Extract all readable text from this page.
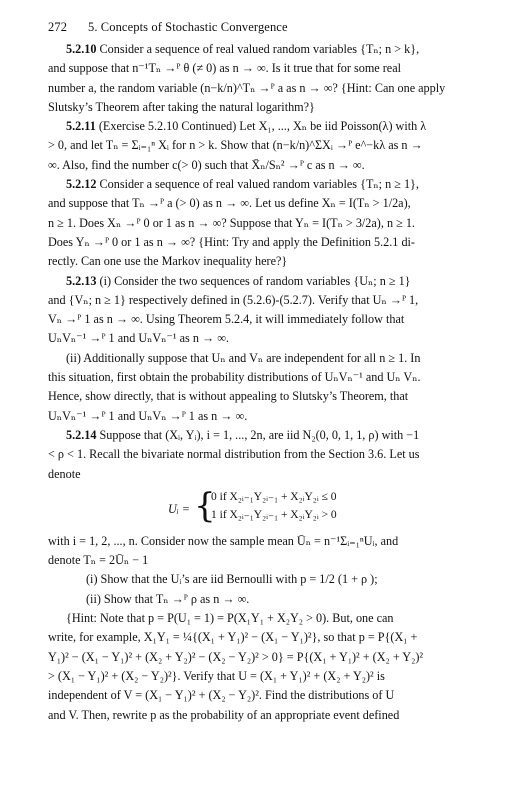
272 5. Concepts of Stochastic Convergence
5.2.10 Consider a sequence of real valued random variables {Tₙ; n > k},
and suppose that n⁻¹Tₙ →ᴾ θ (≠ 0) as n → ∞. Is it true that for some real
number a, the random variable (n−k/n)^Tₙ →ᴾ a as n → ∞? {Hint: Can one apply
Slutsky’s Theorem after taking the natural logarithm?}
5.2.11 (Exercise 5.2.10 Continued) Let X₁, ..., Xₙ be iid Poisson(λ) with λ
> 0, and let Tₙ = Σᵢ₌₁ⁿ Xᵢ for n > k. Show that (n−k/n)^ΣXᵢ →ᴾ e^−kλ as n →
∞. Also, find the number c(> 0) such that X̄ₙ/Sₙ² →ᴾ c as n → ∞.
5.2.12 Consider a sequence of real valued random variables {Tₙ; n ≥ 1},
and suppose that Tₙ →ᴾ a (> 0) as n → ∞. Let us define Xₙ = I(Tₙ > 1/2a),
n ≥ 1. Does Xₙ →ᴾ 0 or 1 as n → ∞? Suppose that Yₙ = I(Tₙ > 3/2a), n ≥ 1.
Does Yₙ →ᴾ 0 or 1 as n → ∞? {Hint: Try and apply the Definition 5.2.1 di-
rectly. Can one use the Markov inequality here?}
5.2.13 (i) Consider the two sequences of random variables {Uₙ; n ≥ 1}
and {Vₙ; n ≥ 1} respectively defined in (5.2.6)-(5.2.7). Verify that Uₙ →ᴾ 1,
Vₙ →ᴾ 1 as n → ∞. Using Theorem 5.2.4, it will immediately follow that
UₙVₙ⁻¹ →ᴾ 1 and UₙVₙ⁻¹ as n → ∞.
(ii) Additionally suppose that Uₙ and Vₙ are independent for all n ≥ 1. In
this situation, first obtain the probability distributions of UₙVₙ⁻¹ and Uₙ Vₙ.
Hence, show directly, that is without appealing to Slutsky’s Theorem, that
UₙVₙ⁻¹ →ᴾ 1 and UₙVₙ →ᴾ 1 as n → ∞.
5.2.14 Suppose that (Xᵢ, Yᵢ), i = 1, ..., 2n, are iid N₂(0, 0, 1, 1, ρ) with −1
< ρ < 1. Recall the bivariate normal distribution from the Section 3.6. Let us
denote
Uᵢ = {
0 if X₂ᵢ₋₁Y₂ᵢ₋₁ + X₂ᵢY₂ᵢ ≤ 0
1 if X₂ᵢ₋₁Y₂ᵢ₋₁ + X₂ᵢY₂ᵢ > 0
with i = 1, 2, ..., n. Consider now the sample mean Ūₙ = n⁻¹Σᵢ₌₁ⁿUᵢ, and
denote Tₙ = 2Ūₙ − 1
(i) Show that the Uᵢ’s are iid Bernoulli with p = 1/2 (1 + ρ );
(ii) Show that Tₙ →ᴾ ρ as n → ∞.
{Hint: Note that p = P(U₁ = 1) = P(X₁Y₁ + X₂Y₂ > 0). But, one can
write, for example, X₁Y₁ = ¼{(X₁ + Y₁)² − (X₁ − Y₁)²}, so that p = P{(X₁ +
Y₁)² − (X₁ − Y₁)² + (X₂ + Y₂)² − (X₂ − Y₂)² > 0} = P{(X₁ + Y₁)² + (X₂ + Y₂)²
> (X₁ − Y₁)² + (X₂ − Y₂)²}. Verify that U = (X₁ + Y₁)² + (X₂ + Y₂)² is
independent of V = (X₁ − Y₁)² + (X₂ − Y₂)². Find the distributions of U
and V. Then, rewrite p as the probability of an appropriate event defined
